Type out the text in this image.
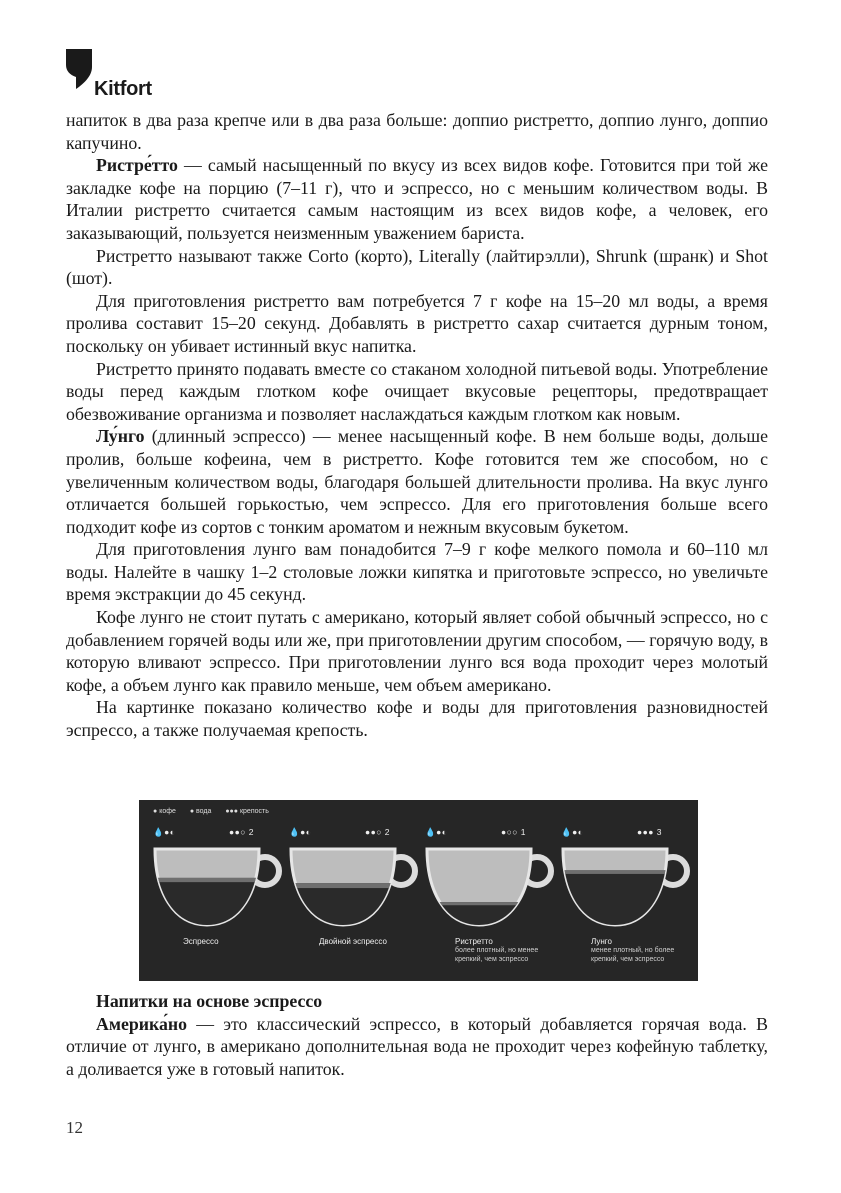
Kitfort

напиток в два раза крепче или в два раза больше: доппио ристретто, доппио лунго, доппио капучино.

Ристре́тто — самый насыщенный по вкусу из всех видов кофе. Готовится при той же закладке кофе на порцию (7–11 г), что и эспрессо, но с меньшим количеством воды. В Италии ристретто считается самым настоящим из всех видов кофе, а человек, его заказывающий, пользуется неизменным уважением бариста.

Ристретто называют также Corto (корто), Literally (лайтирэлли), Shrunk (шранк) и Shot (шот).

Для приготовления ристретто вам потребуется 7 г кофе на 15–20 мл воды, а время пролива составит 15–20 секунд. Добавлять в ристретто сахар считается дурным тоном, поскольку он убивает истинный вкус напитка.

Ристретто принято подавать вместе со стаканом холодной питьевой воды. Употребление воды перед каждым глотком кофе очищает вкусовые рецепторы, предотвращает обезвоживание организма и позволяет наслаждаться каждым глотком как новым.

Лу́нго (длинный эспрессо) — менее насыщенный кофе. В нем больше воды, дольше пролив, больше кофеина, чем в ристретто. Кофе готовится тем же способом, но с увеличенным количеством воды, благодаря большей длительности пролива. На вкус лунго отличается большей горькостью, чем эспрессо. Для его приготовления больше всего подходит кофе из сортов с тонким ароматом и нежным вкусовым букетом.

Для приготовления лунго вам понадобится 7–9 г кофе мелкого помола и 60–110 мл воды. Налейте в чашку 1–2 столовые ложки кипятка и приготовьте эспрессо, но увеличьте время экстракции до 45 секунд.

Кофе лунго не стоит путать с американо, который являет собой обычный эспрессо, но с добавлением горячей воды или же, при приготовлении другим способом, — горячую воду, в которую вливают эспрессо. При приготовлении лунго вся вода проходит через молотый кофе, а объем лунго как правило меньше, чем объем американо.

На картинке показано количество кофе и воды для приготовления разновидностей эспрессо, а также получаемая крепость.

● кофе ● вода ●●● крепость
💧●◐	●●○ 2
Эспрессо
💧●◐	●●○ 2
Двойной эспрессо
💧●◐	●○○ 1
Ристретто
более плотный, но менее крепкий, чем эспрессо
💧●◐	●●● 3
Лунго
менее плотный, но более крепкий, чем эспрессо

Напитки на основе эспрессо

Америка́но — это классический эспрессо, в который добавляется горячая вода. В отличие от лунго, в американо дополнительная вода не проходит через кофейную таблетку, а доливается уже в готовый напиток.

12
